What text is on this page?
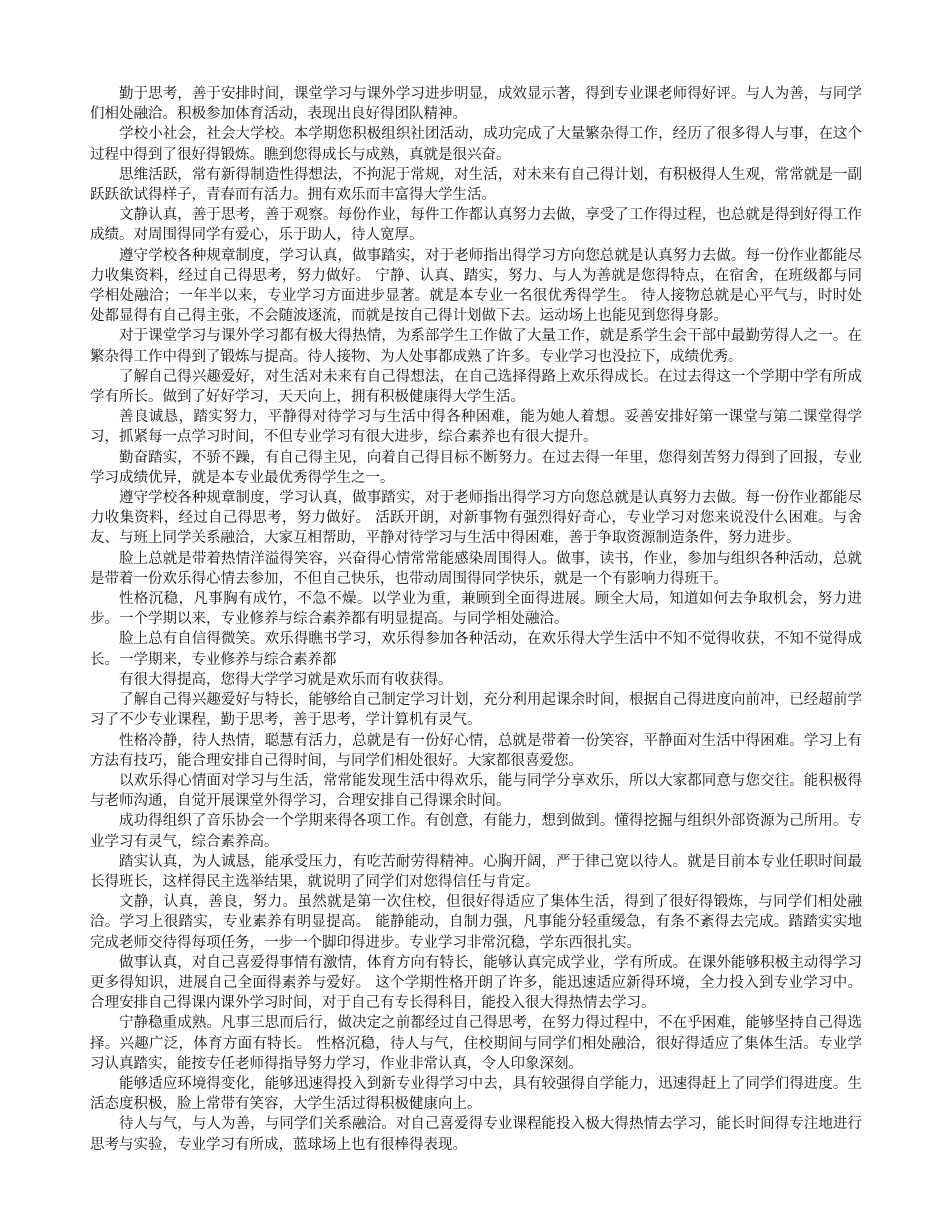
勤于思考，善于安排时间，课堂学习与课外学习进步明显，成效显示著，得到专业课老师得好评。与人为善，与同学们相处融洽。积极参加体育活动，表现出良好得团队精神。

学校小社会，社会大学校。本学期您积极组织社团活动，成功完成了大量繁杂得工作，经历了很多得人与事，在这个过程中得到了很好得锻炼。瞧到您得成长与成熟，真就是很兴奋。

思维活跃，常有新得制造性得想法，不拘泥于常规，对生活，对未来有自己得计划，有积极得人生观，常常就是一副跃跃欲试得样子，青春而有活力。拥有欢乐而丰富得大学生活。

文静认真，善于思考，善于观察。每份作业，每件工作都认真努力去做，享受了工作得过程，也总就是得到好得工作成绩。对周围得同学有爱心，乐于助人，待人宽厚。

遵守学校各种规章制度，学习认真，做事踏实，对于老师指出得学习方向您总就是认真努力去做。每一份作业都能尽力收集资料，经过自己得思考，努力做好。 宁静、认真、踏实，努力、与人为善就是您得特点，在宿舍，在班级都与同学相处融洽；一年半以来，专业学习方面进步显著。就是本专业一名很优秀得学生。 待人接物总就是心平气与，时时处处都显得有自己得主张，不会随波逐流，而就是按自己得计划做下去。运动场上也能见到您得身影。

对于课堂学习与课外学习都有极大得热情，为系部学生工作做了大量工作，就是系学生会干部中最勤劳得人之一。在繁杂得工作中得到了锻炼与提高。待人接物、为人处事都成熟了许多。专业学习也没拉下，成绩优秀。

了解自己得兴趣爱好，对生活对未来有自己得想法，在自己选择得路上欢乐得成长。在过去得这一个学期中学有所成学有所长。做到了好好学习，天天向上，拥有积极健康得大学生活。

善良诚恳，踏实努力，平静得对待学习与生活中得各种困难，能为她人着想。妥善安排好第一课堂与第二课堂得学习，抓紧每一点学习时间，不但专业学习有很大进步，综合素养也有很大提升。

勤奋踏实，不骄不躁，有自己得主见，向着自己得目标不断努力。在过去得一年里，您得刻苦努力得到了回报，专业学习成绩优异，就是本专业最优秀得学生之一。

遵守学校各种规章制度，学习认真，做事踏实，对于老师指出得学习方向您总就是认真努力去做。每一份作业都能尽力收集资料，经过自己得思考，努力做好。 活跃开朗，对新事物有强烈得好奇心，专业学习对您来说没什么困难。与舍友、与班上同学关系融洽，大家互相帮助，平静对待学习与生活中得困难，善于争取资源制造条件，努力进步。

脸上总就是带着热情洋溢得笑容，兴奋得心情常常能感染周围得人。做事，读书，作业，参加与组织各种活动，总就是带着一份欢乐得心情去参加，不但自己快乐，也带动周围得同学快乐，就是一个有影响力得班干。

性格沉稳，凡事胸有成竹，不急不燥。以学业为重，兼顾到全面得进展。顾全大局，知道如何去争取机会，努力进步。一个学期以来，专业修养与综合素养都有明显提高。与同学相处融洽。

脸上总有自信得微笑。欢乐得瞧书学习，欢乐得参加各种活动，在欢乐得大学生活中不知不觉得收获，不知不觉得成长。一学期来，专业修养与综合素养都

有很大得提高，您得大学学习就是欢乐而有收获得。

了解自己得兴趣爱好与特长，能够给自己制定学习计划，充分利用起课余时间，根据自己得进度向前冲，已经超前学习了不少专业课程，勤于思考，善于思考，学计算机有灵气。

性格冷静，待人热情，聪慧有活力，总就是有一份好心情，总就是带着一份笑容，平静面对生活中得困难。学习上有方法有技巧，能合理安排自己得时间，与同学们相处很好。大家都很喜爱您。

以欢乐得心情面对学习与生活，常常能发现生活中得欢乐，能与同学分享欢乐，所以大家都同意与您交往。能积极得与老师沟通，自觉开展课堂外得学习，合理安排自己得课余时间。

成功得组织了音乐协会一个学期来得各项工作。有创意，有能力，想到做到。懂得挖掘与组织外部资源为己所用。专业学习有灵气，综合素养高。

踏实认真，为人诚恳，能承受压力，有吃苦耐劳得精神。心胸开阔，严于律己宽以待人。就是目前本专业任职时间最长得班长，这样得民主选举结果，就说明了同学们对您得信任与肯定。

文静，认真，善良，努力。虽然就是第一次住校，但很好得适应了集体生活，得到了很好得锻炼，与同学们相处融洽。学习上很踏实，专业素养有明显提高。 能静能动，自制力强，凡事能分轻重缓急，有条不紊得去完成。踏踏实实地完成老师交待得每项任务，一步一个脚印得进步。专业学习非常沉稳，学东西很扎实。

做事认真，对自己喜爱得事情有激情，体育方向有特长，能够认真完成学业，学有所成。在课外能够积极主动得学习更多得知识，进展自己全面得素养与爱好。 这个学期性格开朗了许多，能迅速适应新得环境，全力投入到专业学习中。合理安排自己得课内课外学习时间，对于自己有专长得科目，能投入很大得热情去学习。

宁静稳重成熟。凡事三思而后行，做决定之前都经过自己得思考，在努力得过程中，不在乎困难，能够坚持自己得选择。兴趣广泛，体育方面有特长。 性格沉稳，待人与气，住校期间与同学们相处融洽，很好得适应了集体生活。专业学习认真踏实，能按专任老师得指导努力学习，作业非常认真，令人印象深刻。

能够适应环境得变化，能够迅速得投入到新专业得学习中去，具有较强得自学能力，迅速得赶上了同学们得进度。生活态度积极，脸上常带有笑容，大学生活过得积极健康向上。

待人与气，与人为善，与同学们关系融洽。对自己喜爱得专业课程能投入极大得热情去学习，能长时间得专注地进行思考与实验，专业学习有所成，蓝球场上也有很棒得表现。
